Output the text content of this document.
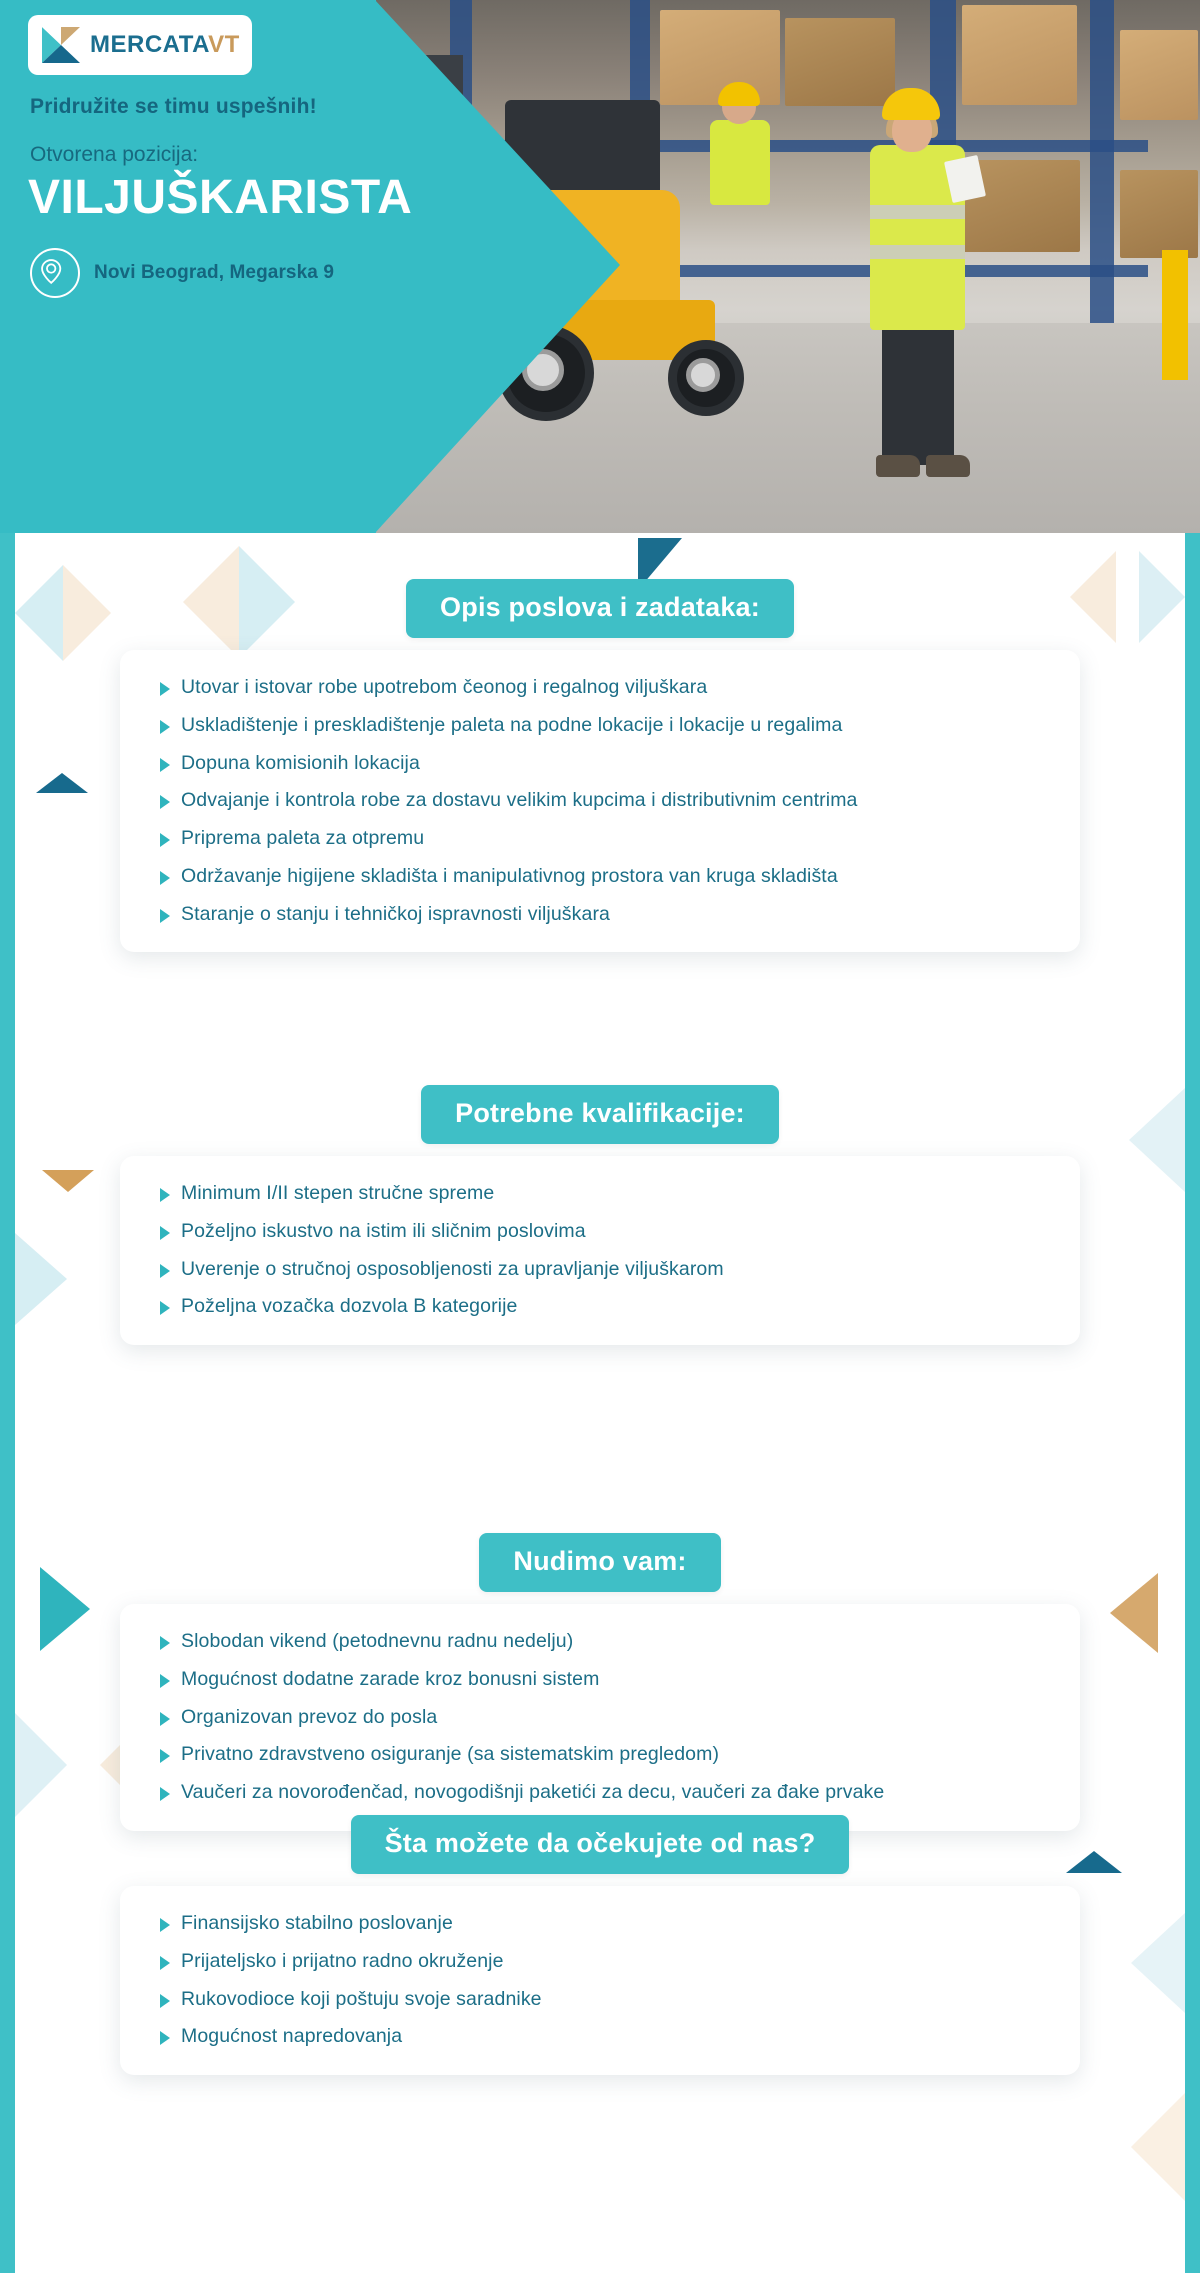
MERCATAVT
Pridružite se timu uspešnih!
Otvorena pozicija:
VILJUŠKARISTA
Novi Beograd, Megarska 9
Opis poslova i zadataka:
Utovar i istovar robe upotrebom čeonog i regalnog viljuškara
Uskladištenje i preskladištenje paleta na podne lokacije i lokacije u regalima
Dopuna komisionih lokacija
Odvajanje i kontrola robe za dostavu velikim kupcima i distributivnim centrima
Priprema paleta za otpremu
Održavanje higijene skladišta i manipulativnog prostora van kruga skladišta
Staranje o stanju i tehničkoj ispravnosti viljuškara
Potrebne kvalifikacije:
Minimum I/II stepen stručne spreme
Poželjno iskustvo na istim ili sličnim poslovima
Uverenje o stručnoj osposobljenosti za upravljanje viljuškarom
Poželjna vozačka dozvola B kategorije
Nudimo vam:
Slobodan vikend (petodnevnu radnu nedelju)
Mogućnost dodatne zarade kroz bonusni sistem
Organizovan prevoz do posla
Privatno zdravstveno osiguranje (sa sistematskim pregledom)
Vaučeri za novorođenčad, novogodišnji paketići za decu, vaučeri za đake prvake
Šta možete da očekujete od nas?
Finansijsko stabilno poslovanje
Prijateljsko i prijatno radno okruženje
Rukovodioce koji poštuju svoje saradnike
Mogućnost napredovanja
